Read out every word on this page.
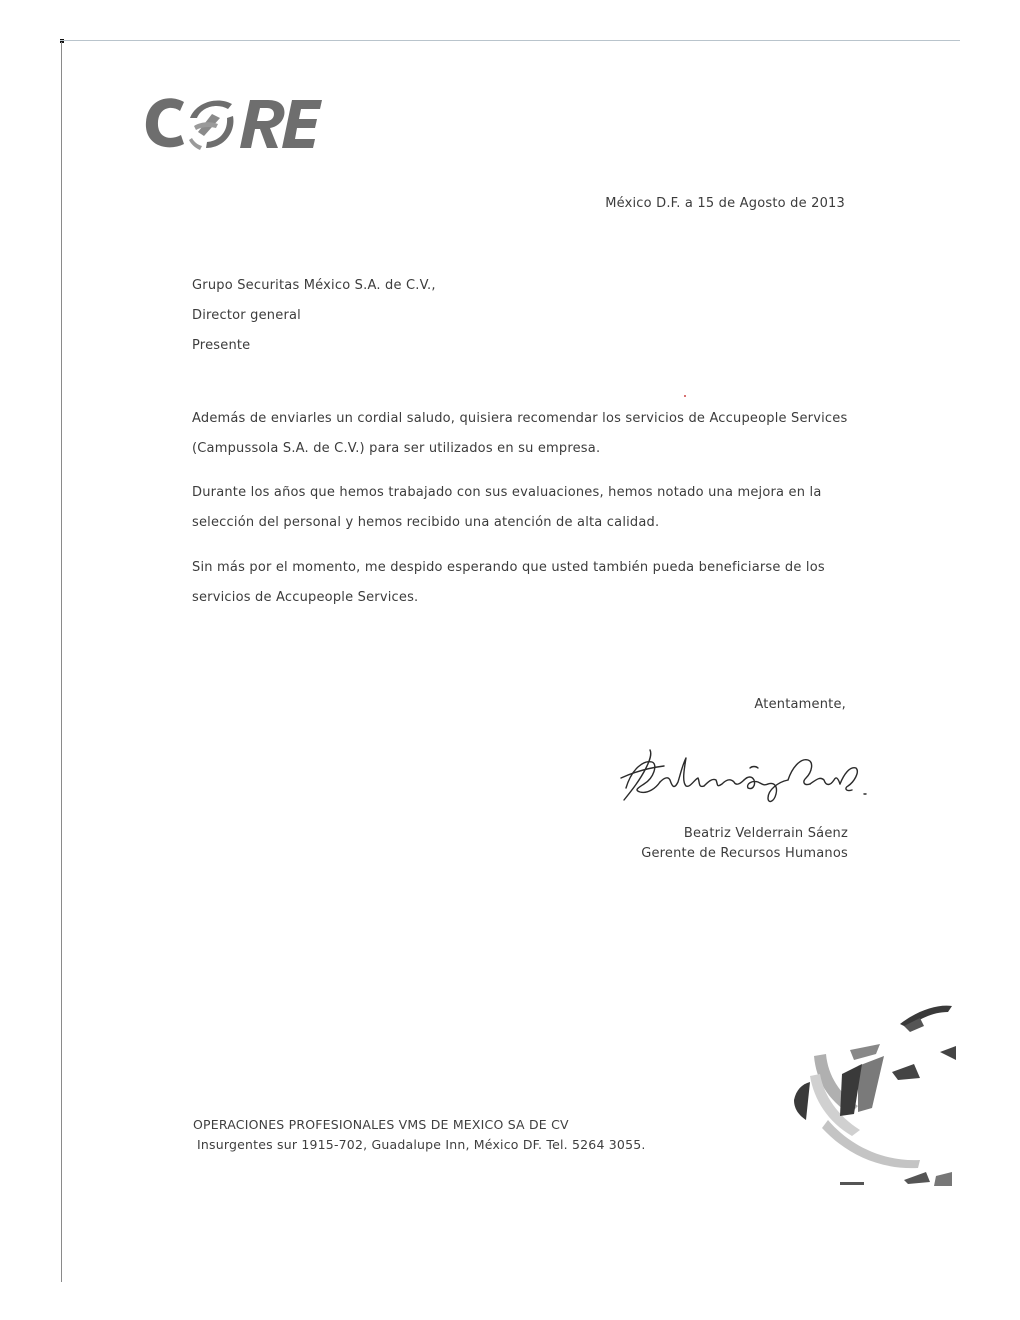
México D.F. a 15 de Agosto de 2013
Grupo Securitas México S.A. de C.V.,
Director general
Presente
Además de enviarles un cordial saludo, quisiera recomendar los servicios de Accupeople Services
(Campussola S.A. de C.V.) para ser utilizados en su empresa.
Durante los años que hemos trabajado con sus evaluaciones, hemos notado una mejora en la
selección del personal y hemos recibido una atención de alta calidad.
Sin más por el momento, me despido esperando que usted también pueda beneficiarse de los
servicios de Accupeople Services.
Atentamente,
Beatriz Velderrain Sáenz
Gerente de Recursos Humanos
OPERACIONES PROFESIONALES VMS DE MEXICO SA DE CV
Insurgentes sur 1915-702, Guadalupe Inn, México DF. Tel. 5264 3055.
